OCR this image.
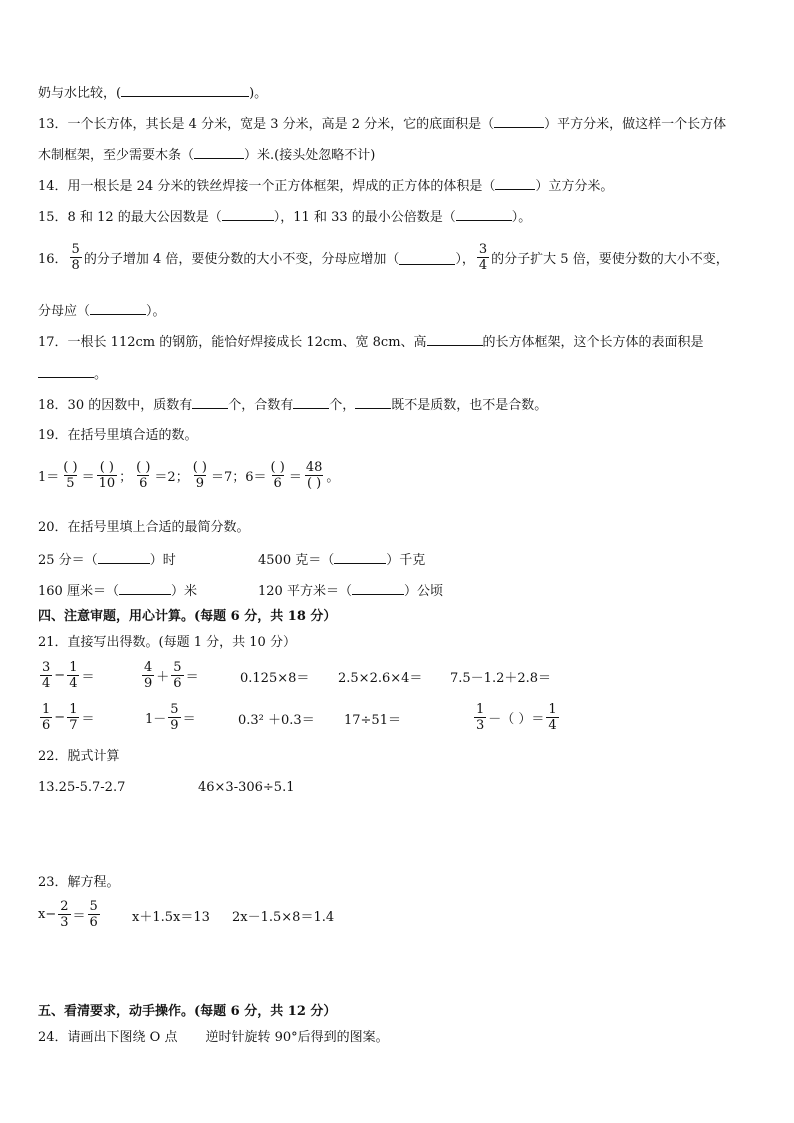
奶与水比较，(	)。
13．一个长方体，其长是 4 分米，宽是 3 分米，高是 2 分米，它的底面积是（	）平方分米，做这样一个长方体
木制框架，至少需要木条（	）米.(接头处忽略不计)
14．用一根长是 24 分米的铁丝焊接一个正方体框架，焊成的正方体的体积是（	）立方分米。
15．8 和 12 的最大公因数是（	），11 和 33 的最小公倍数是（	）。
16． $\frac{5}{8}$ 的分子增加 4 倍，要使分数的大小不变，分母应增加（	）， $\frac{3}{4}$ 的分子扩大 5 倍，要使分数的大小不变，
分母应（	）。
17．一根长 112cm 的钢筋，能恰好焊接成长 12cm、宽 8cm、高	的长方体框架，这个长方体的表面积是
。
18．30 的因数中，质数有	个，合数有	个，	既不是质数，也不是合数。
19．在括号里填合适的数。
$1= \frac{( )}{5} = \frac{( )}{10}$ ； $\frac{( )}{6} =2$； $\frac{( )}{9} =7$；$6= \frac{( )}{6} = \frac{48}{( )}$ 。
20．在括号里填上合适的最简分数。
25 分＝（	）时	4500 克＝（	）千克
160 厘米＝（	）米	120 平方米＝（	）公顷
四、注意审题，用心计算。(每题 6 分，共 18 分）
21．直接写出得数。(每题 1 分，共 10 分）
$\frac{3}{4} - \frac{1}{4}$ ＝	$\frac{4}{9} + \frac{5}{6}$ ＝	0.125×8＝ 2.5×2.6×4＝ 7.5－1.2＋2.8＝
$\frac{1}{6} - \frac{1}{7}$ ＝	$1- \frac{5}{9}$ ＝	0.3² ＋0.3＝ 17÷51＝	$\frac{1}{3}$ －（ ）＝ $\frac{1}{4}$
22．脱式计算
13.25-5.7-2.7	46×3-306÷5.1
23．解方程。
$x- \frac{2}{3} = \frac{5}{6} x+1.5x=13$ 2x－1.5×8＝1.4
五、看清要求，动手操作。(每题 6 分，共 12 分）
24．请画出下图绕 O 点 逆时针旋转 90°后得到的图案。
